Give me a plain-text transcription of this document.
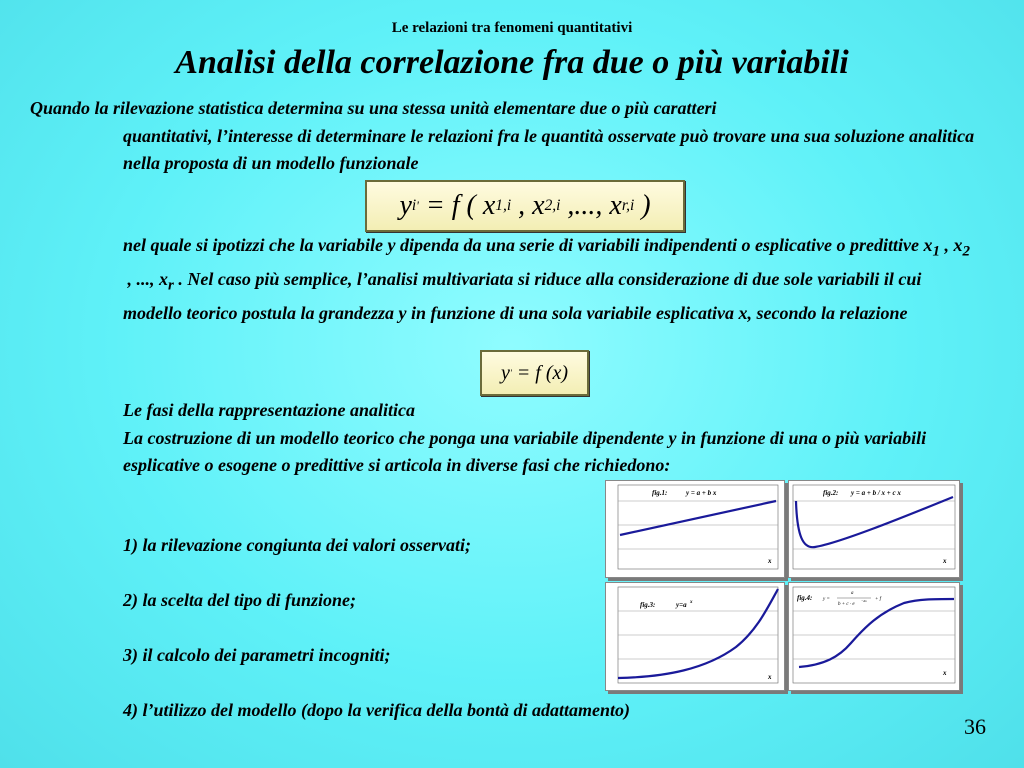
Le relazioni tra fenomeni quantitativi
Analisi della correlazione fra due o più variabili
Quando la rilevazione statistica determina su una stessa unità elementare due o più caratteri
quantitativi, l’interesse di determinare le relazioni fra le quantità osservate può trovare una sua soluzione analitica nella proposta di un modello funzionale
y i ' = f ( x 1,i , x 2,i ,..., x r,i )
nel quale si ipotizzi che la variabile y dipenda da una serie di variabili indipendenti o esplicative o predittive $x_1$ , $x_2$ , ..., $x_r$ . Nel caso più semplice, l’analisi multivariata si riduce alla considerazione di due sole variabili il cui modello teorico postula la grandezza y in funzione di una sola variabile esplicativa x, secondo la relazione
y ' = f (x)
Le fasi della rappresentazione analitica
La costruzione di un modello teorico che ponga una variabile dipendente y in funzione di una o più variabili esplicative o esogene o predittive si articola in diverse fasi che richiedono:
1) la rilevazione congiunta dei valori osservati;
2) la scelta del tipo di funzione;
3) il calcolo dei parametri incogniti;
4) l’utilizzo del modello (dopo la verifica della bontà di adattamento)
fig.1:	y = a + b x
x
fig.2: y = a + b / x + c x
x
fig.3:	y=a x
x
fig.4: y =
a
b + c · e
−dx + f
x
36
